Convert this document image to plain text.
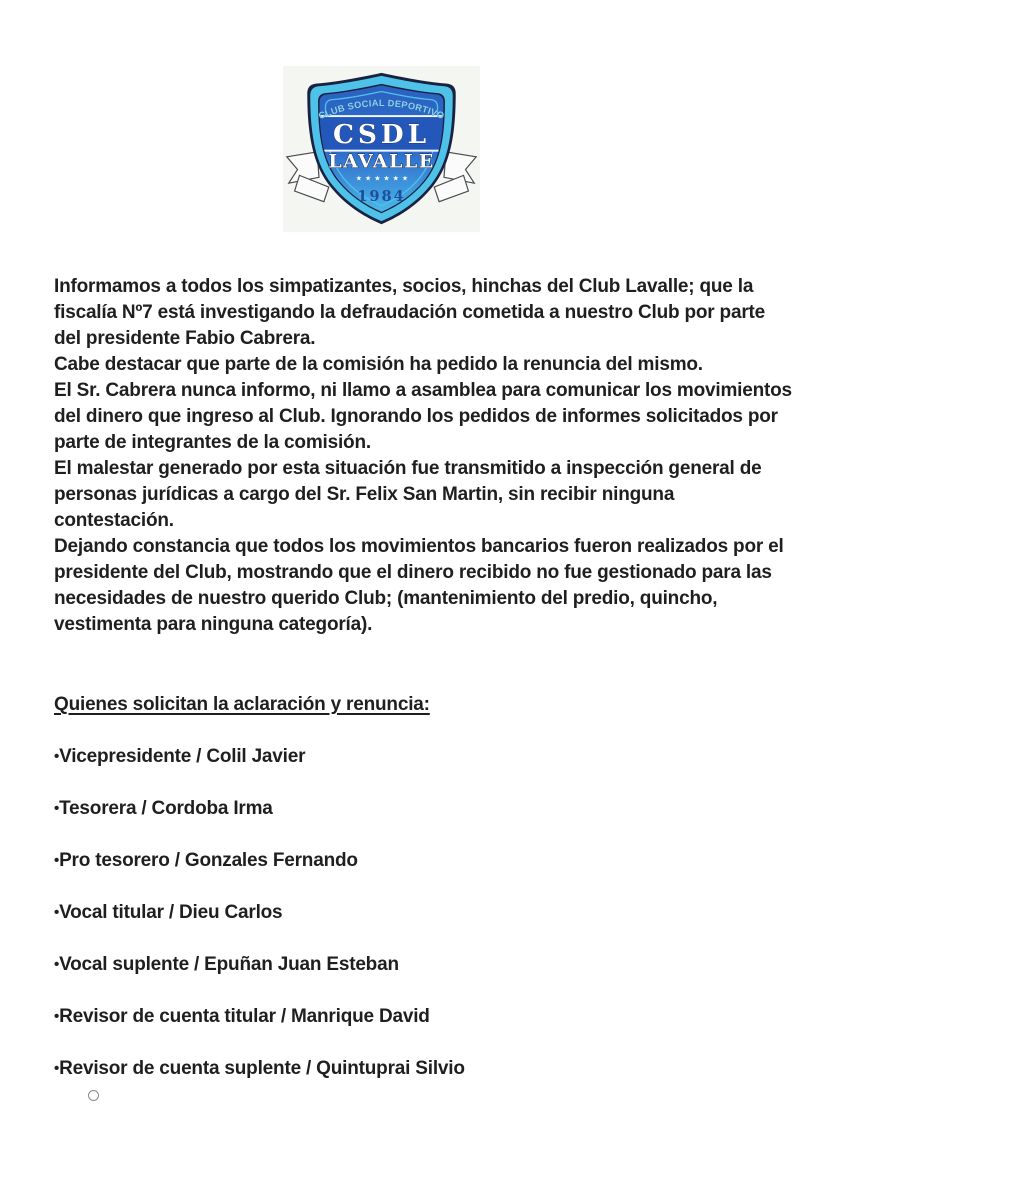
CLUB SOCIAL DEPORTIVO
CSDL
LAVALLE
★★★★★★
1984

Informamos a todos los simpatizantes, socios, hinchas del Club Lavalle; que la fiscalía Nº7 está investigando la defraudación cometida a nuestro Club por parte del presidente Fabio Cabrera.

Cabe destacar que parte de la comisión ha pedido la renuncia del mismo.

El Sr. Cabrera nunca informo, ni llamo a asamblea para comunicar los movimientos del dinero que ingreso al Club. Ignorando los pedidos de informes solicitados por parte de integrantes de la comisión.

El malestar generado por esta situación fue transmitido a inspección general de personas jurídicas a cargo del Sr. Felix San Martin, sin recibir ninguna contestación.

Dejando constancia que todos los movimientos bancarios fueron realizados por el presidente del Club, mostrando que el dinero recibido no fue gestionado para las necesidades de nuestro querido Club; (mantenimiento del predio, quincho, vestimenta para ninguna categoría).

Quienes solicitan la aclaración y renuncia:
•Vicepresidente / Colil Javier
•Tesorera / Cordoba Irma
•Pro tesorero / Gonzales Fernando
•Vocal titular / Dieu Carlos
•Vocal suplente / Epuñan Juan Esteban
•Revisor de cuenta titular / Manrique David
•Revisor de cuenta suplente / Quintuprai Silvio
